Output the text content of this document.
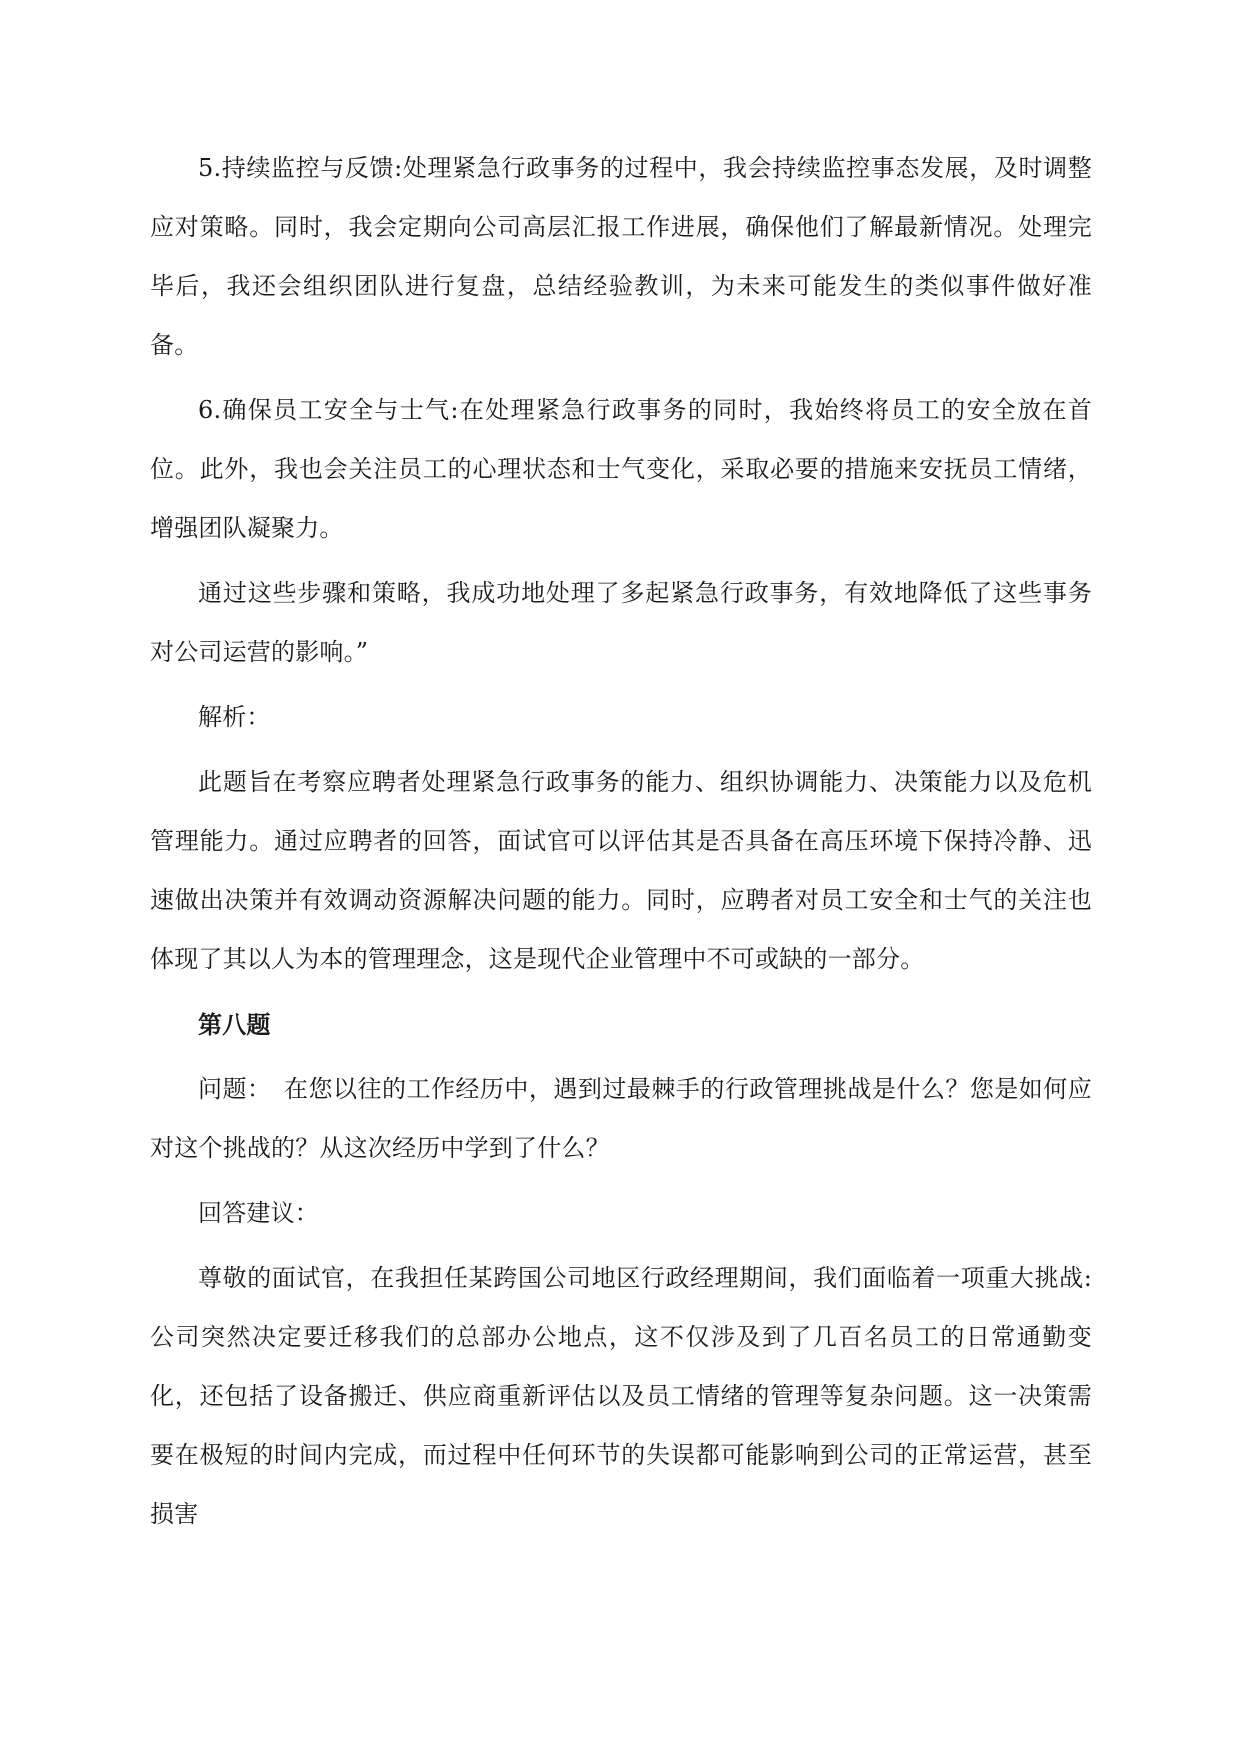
5.持续监控与反馈:处理紧急行政事务的过程中，我会持续监控事态发展，及时调整应对策略。同时，我会定期向公司高层汇报工作进展，确保他们了解最新情况。处理完毕后，我还会组织团队进行复盘，总结经验教训，为未来可能发生的类似事件做好准备。

6.确保员工安全与士气:在处理紧急行政事务的同时，我始终将员工的安全放在首位。此外，我也会关注员工的心理状态和士气变化，采取必要的措施来安抚员工情绪，增强团队凝聚力。

通过这些步骤和策略，我成功地处理了多起紧急行政事务，有效地降低了这些事务对公司运营的影响。”

解析：

此题旨在考察应聘者处理紧急行政事务的能力、组织协调能力、决策能力以及危机管理能力。通过应聘者的回答，面试官可以评估其是否具备在高压环境下保持冷静、迅速做出决策并有效调动资源解决问题的能力。同时，应聘者对员工安全和士气的关注也体现了其以人为本的管理理念，这是现代企业管理中不可或缺的一部分。

第八题

问题：　在您以往的工作经历中，遇到过最棘手的行政管理挑战是什么？您是如何应对这个挑战的？从这次经历中学到了什么？

回答建议：

尊敬的面试官，在我担任某跨国公司地区行政经理期间，我们面临着一项重大挑战:公司突然决定要迁移我们的总部办公地点，这不仅涉及到了几百名员工的日常通勤变化，还包括了设备搬迁、供应商重新评估以及员工情绪的管理等复杂问题。这一决策需要在极短的时间内完成，而过程中任何环节的失误都可能影响到公司的正常运营，甚至损害
